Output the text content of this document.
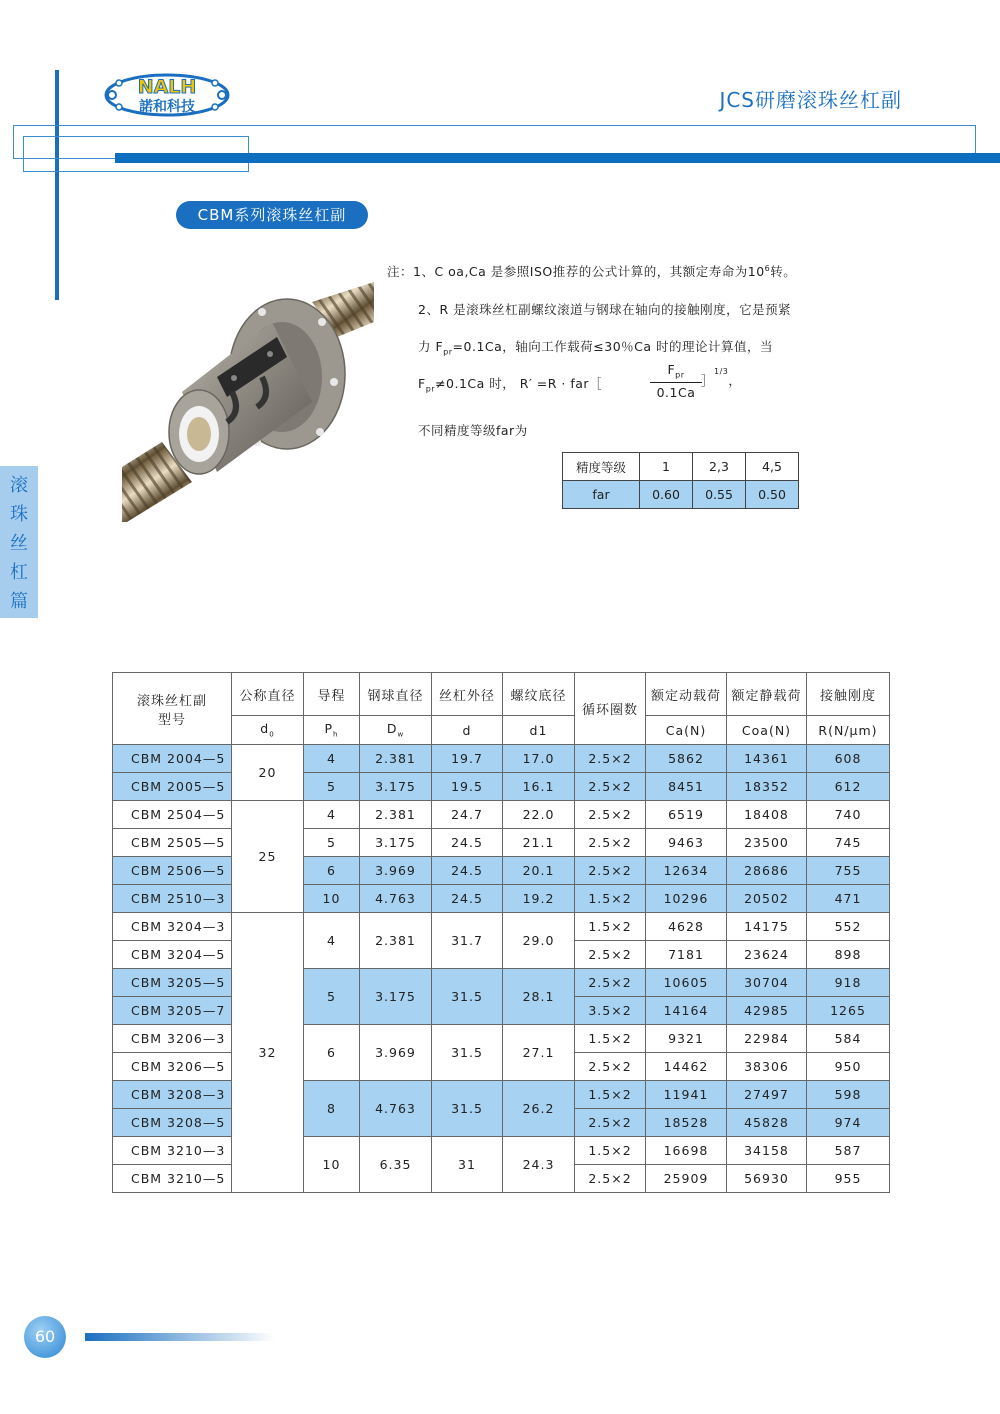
NALH
諾和科技	JCS研磨滚珠丝杠副
CBM系列滚珠丝杠副
滚
珠
丝
杠
篇
注：1、C oa,Ca 是参照ISO推荐的公式计算的，其额定寿命为$10^6$转。
2、R 是滚珠丝杠副螺纹滚道与钢球在轴向的接触刚度，它是预紧
力 $F_{pr}=0.1Ca$，轴向工作载荷≤30％Ca 时的理论计算值，当
$F_{pr}\ne 0.1Ca$ 时， R′ =R · far［
$F_{pr}$
0.1Ca
］$^{1/3}$，
不同精度等级far为
精度等级	1	2,3	4,5
far	0.60	0.55	0.50
滚珠丝杠副
型号	公称直径	导程	钢球直径	丝杠外径	螺纹底径	循环圈数	额定动载荷	额定静载荷	接触刚度
	$d_0$	$P_h$	$D_w$	d	d1		Ca(N)	Coa(N)	R(N/μm)
CBM 2004—5	20	4	2.381	19.7	17.0	2.5×2	5862	14361	608
CBM 2005—5		5	3.175	19.5	16.1	2.5×2	8451	18352	612
CBM 2504—5	25	4	2.381	24.7	22.0	2.5×2	6519	18408	740
CBM 2505—5		5	3.175	24.5	21.1	2.5×2	9463	23500	745
CBM 2506—5		6	3.969	24.5	20.1	2.5×2	12634	28686	755
CBM 2510—3		10	4.763	24.5	19.2	1.5×2	10296	20502	471
CBM 3204—3	32	4	2.381	31.7	29.0	1.5×2	4628	14175	552
CBM 3204—5						2.5×2	7181	23624	898
CBM 3205—5		5	3.175	31.5	28.1	2.5×2	10605	30704	918
CBM 3205—7						3.5×2	14164	42985	1265
CBM 3206—3		6	3.969	31.5	27.1	1.5×2	9321	22984	584
CBM 3206—5						2.5×2	14462	38306	950
CBM 3208—3		8	4.763	31.5	26.2	1.5×2	11941	27497	598
CBM 3208—5						2.5×2	18528	45828	974
CBM 3210—3		10	6.35	31	24.3	1.5×2	16698	34158	587
CBM 3210—5						2.5×2	25909	56930	955
60
